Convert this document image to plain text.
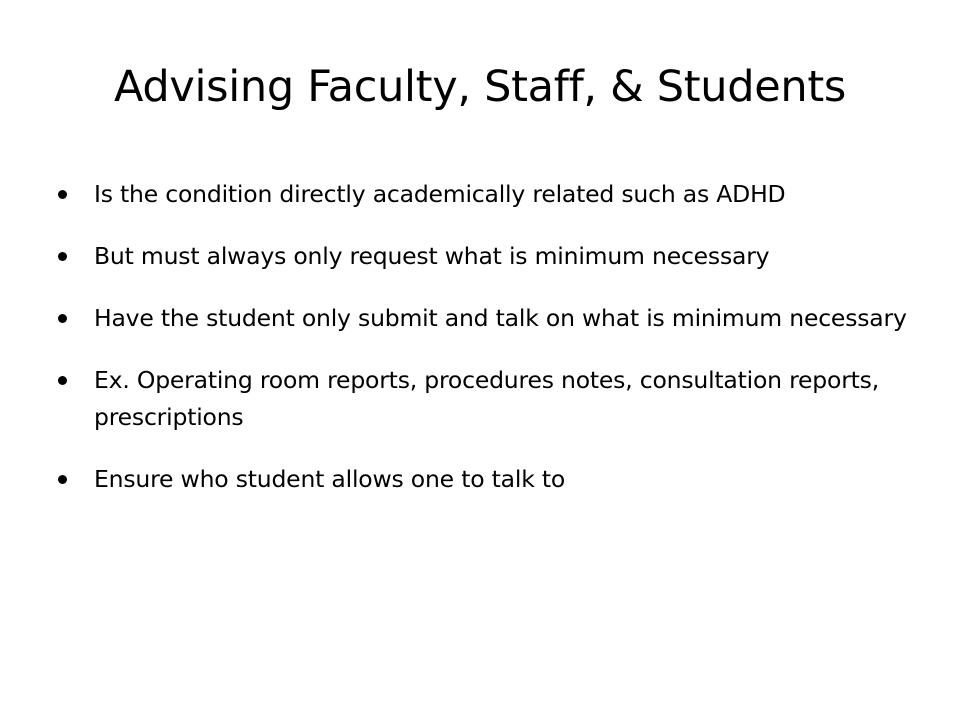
Advising Faculty, Staff, & Students
Is the condition directly academically related such as ADHD
But must always only request what is minimum necessary
Have the student only submit and talk on what is minimum necessary
Ex. Operating room reports, procedures notes, consultation reports, prescriptions
Ensure who student allows one to talk to
